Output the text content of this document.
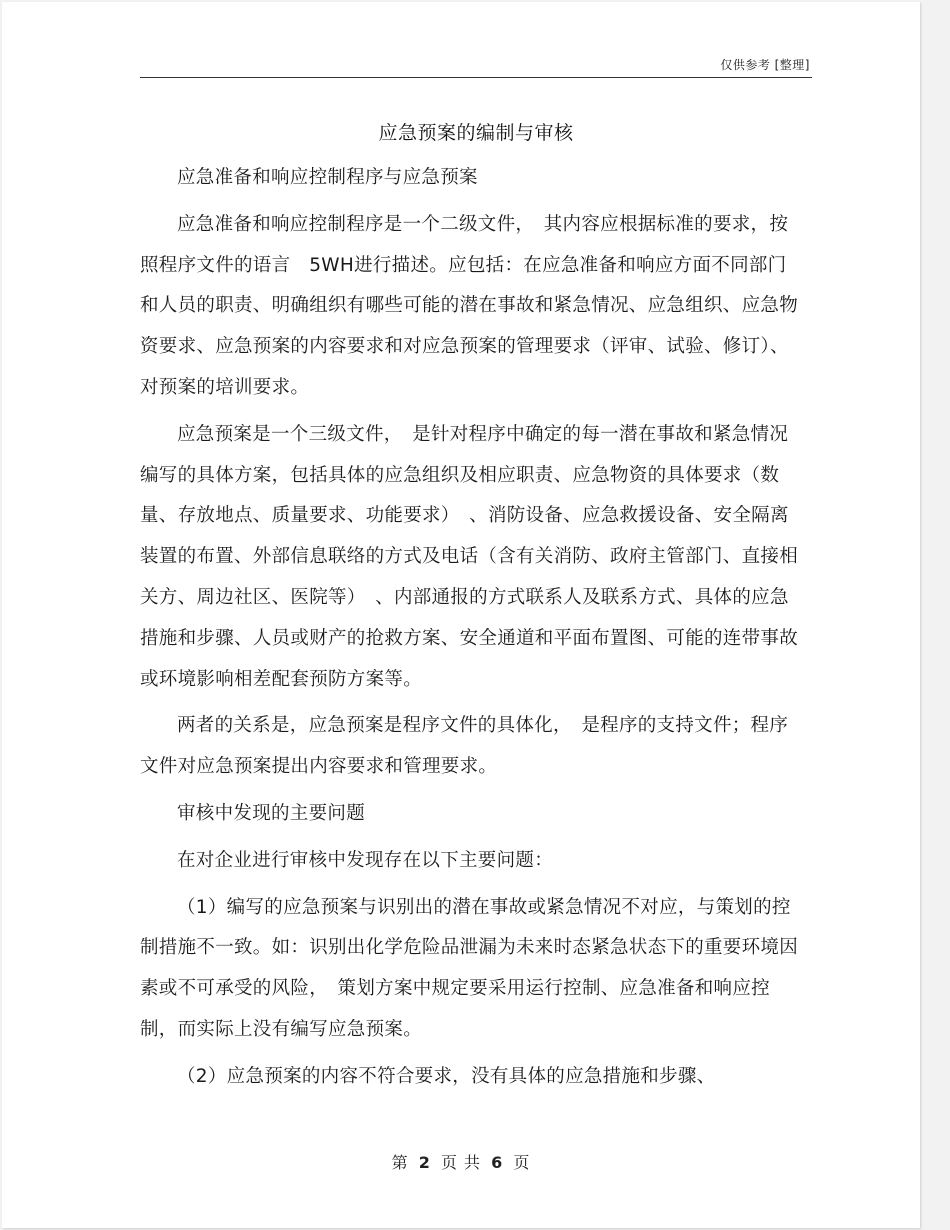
仅供参考 [整理]
应急预案的编制与审核

应急准备和响应控制程序与应急预案

应急准备和响应控制程序是一个二级文件，　其内容应根据标准的要求，按照程序文件的语言　5WH进行描述。应包括：在应急准备和响应方面不同部门和人员的职责、明确组织有哪些可能的潜在事故和紧急情况、应急组织、应急物资要求、应急预案的内容要求和对应急预案的管理要求（评审、试验、修订）、对预案的培训要求。

应急预案是一个三级文件，　是针对程序中确定的每一潜在事故和紧急情况编写的具体方案，包括具体的应急组织及相应职责、应急物资的具体要求（数量、存放地点、质量要求、功能要求）　、消防设备、应急救援设备、安全隔离装置的布置、外部信息联络的方式及电话（含有关消防、政府主管部门、直接相关方、周边社区、医院等）　、内部通报的方式联系人及联系方式、具体的应急措施和步骤、人员或财产的抢救方案、安全通道和平面布置图、可能的连带事故或环境影响相差配套预防方案等。

两者的关系是，应急预案是程序文件的具体化，　是程序的支持文件；程序文件对应急预案提出内容要求和管理要求。

审核中发现的主要问题

在对企业进行审核中发现存在以下主要问题：

（1）编写的应急预案与识别出的潜在事故或紧急情况不对应，与策划的控制措施不一致。如：识别出化学危险品泄漏为未来时态紧急状态下的重要环境因素或不可承受的风险，　策划方案中规定要采用运行控制、应急准备和响应控制，而实际上没有编写应急预案。

（2）应急预案的内容不符合要求，没有具体的应急措施和步骤、

第 2 页 共 6 页
